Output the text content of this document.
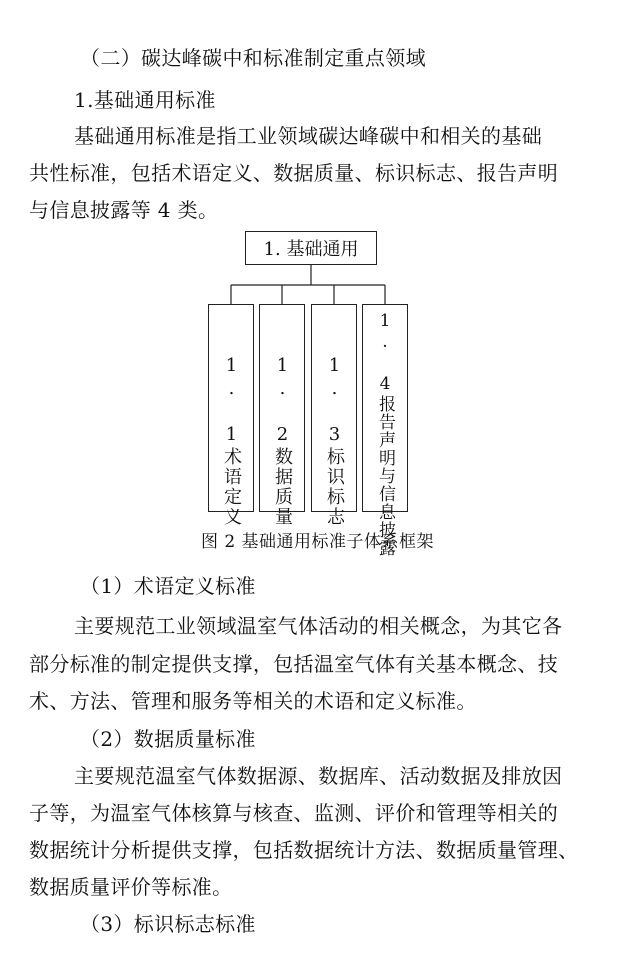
（二）碳达峰碳中和标准制定重点领域
1.基础通用标准
基础通用标准是指工业领域碳达峰碳中和相关的基础
共性标准，包括术语定义、数据质量、标识标志、报告声明
与信息披露等 4 类。
1. 基础通用
1. 1术语定义 1. 2数据质量 1. 3标识标志 1. 4报告声明与信息披露
图 2 基础通用标准子体系框架
（1）术语定义标准
主要规范工业领域温室气体活动的相关概念，为其它各
部分标准的制定提供支撑，包括温室气体有关基本概念、技
术、方法、管理和服务等相关的术语和定义标准。
（2）数据质量标准
主要规范温室气体数据源、数据库、活动数据及排放因
子等，为温室气体核算与核查、监测、评价和管理等相关的
数据统计分析提供支撑，包括数据统计方法、数据质量管理、
数据质量评价等标准。
（3）标识标志标准
